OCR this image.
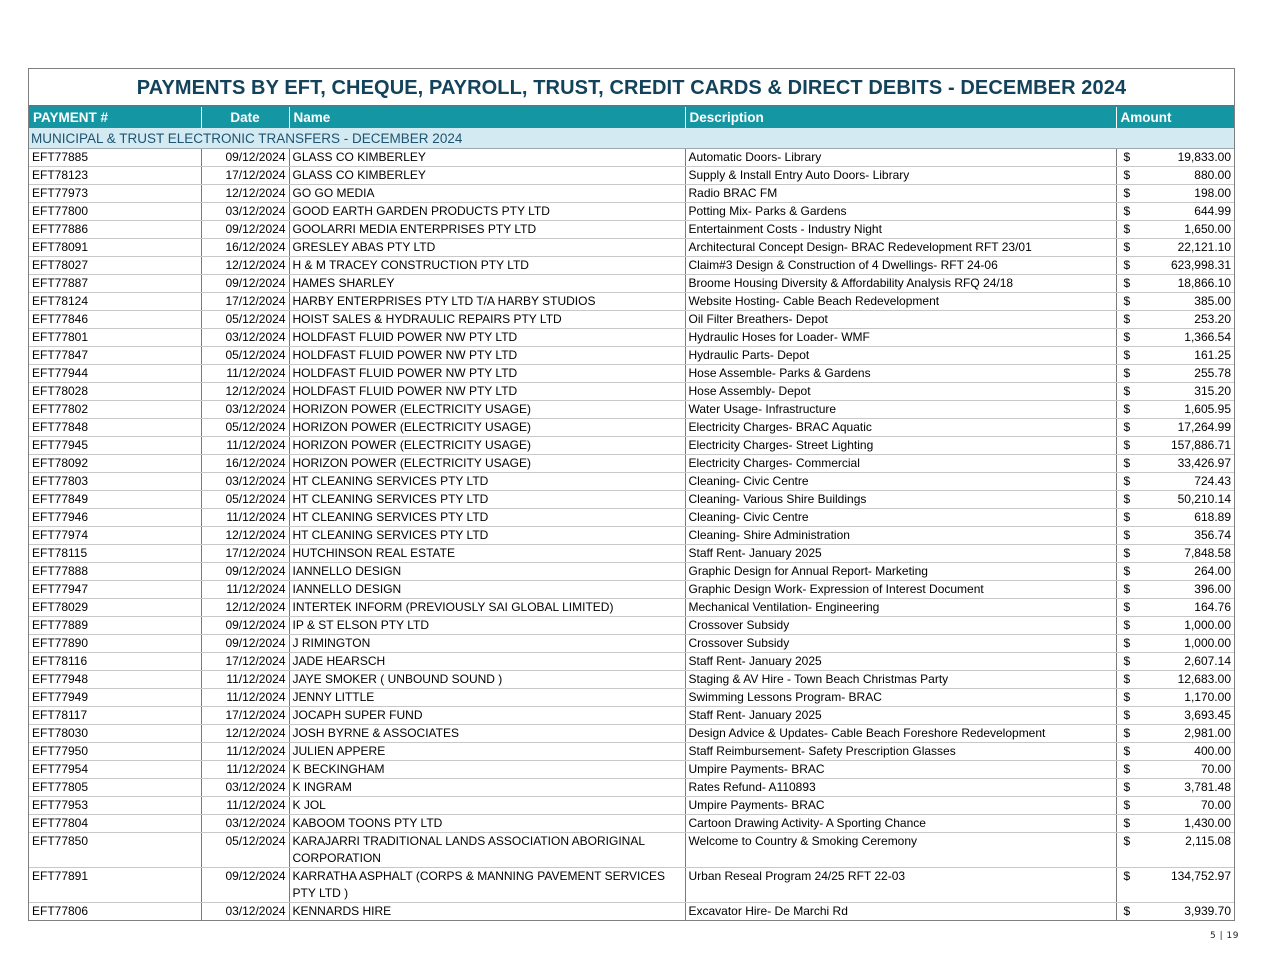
PAYMENTS BY EFT, CHEQUE, PAYROLL, TRUST, CREDIT CARDS & DIRECT DEBITS - DECEMBER 2024
PAYMENT #	Date	Name	Description	Amount
MUNICIPAL & TRUST ELECTRONIC TRANSFERS - DECEMBER 2024				
EFT77885	09/12/2024	GLASS CO KIMBERLEY	Automatic Doors- Library	$ 19,833.00

EFT78123	17/12/2024	GLASS CO KIMBERLEY	Supply & Install Entry Auto Doors- Library	$ 880.00

EFT77973	12/12/2024	GO GO MEDIA	Radio BRAC FM	$ 198.00

EFT77800	03/12/2024	GOOD EARTH GARDEN PRODUCTS PTY LTD	Potting Mix- Parks & Gardens	$ 644.99

EFT77886	09/12/2024	GOOLARRI MEDIA ENTERPRISES PTY LTD	Entertainment Costs - Industry Night	$ 1,650.00

EFT78091	16/12/2024	GRESLEY ABAS PTY LTD	Architectural Concept Design- BRAC Redevelopment RFT 23/01	$ 22,121.10

EFT78027	12/12/2024	H & M TRACEY CONSTRUCTION PTY LTD	Claim#3 Design & Construction of 4 Dwellings- RFT 24-06	$ 623,998.31

EFT77887	09/12/2024	HAMES SHARLEY	Broome Housing Diversity & Affordability Analysis RFQ 24/18	$ 18,866.10

EFT78124	17/12/2024	HARBY ENTERPRISES PTY LTD T/A HARBY STUDIOS	Website Hosting- Cable Beach Redevelopment	$ 385.00

EFT77846	05/12/2024	HOIST SALES & HYDRAULIC REPAIRS PTY LTD	Oil Filter Breathers- Depot	$ 253.20

EFT77801	03/12/2024	HOLDFAST FLUID POWER NW PTY LTD	Hydraulic Hoses for Loader- WMF	$ 1,366.54

EFT77847	05/12/2024	HOLDFAST FLUID POWER NW PTY LTD	Hydraulic Parts- Depot	$ 161.25

EFT77944	11/12/2024	HOLDFAST FLUID POWER NW PTY LTD	Hose Assemble- Parks & Gardens	$ 255.78

EFT78028	12/12/2024	HOLDFAST FLUID POWER NW PTY LTD	Hose Assembly- Depot	$ 315.20

EFT77802	03/12/2024	HORIZON POWER (ELECTRICITY USAGE)	Water Usage- Infrastructure	$ 1,605.95

EFT77848	05/12/2024	HORIZON POWER (ELECTRICITY USAGE)	Electricity Charges- BRAC Aquatic	$ 17,264.99

EFT77945	11/12/2024	HORIZON POWER (ELECTRICITY USAGE)	Electricity Charges- Street Lighting	$ 157,886.71

EFT78092	16/12/2024	HORIZON POWER (ELECTRICITY USAGE)	Electricity Charges- Commercial	$ 33,426.97

EFT77803	03/12/2024	HT CLEANING SERVICES PTY LTD	Cleaning- Civic Centre	$ 724.43

EFT77849	05/12/2024	HT CLEANING SERVICES PTY LTD	Cleaning- Various Shire Buildings	$ 50,210.14

EFT77946	11/12/2024	HT CLEANING SERVICES PTY LTD	Cleaning- Civic Centre	$ 618.89

EFT77974	12/12/2024	HT CLEANING SERVICES PTY LTD	Cleaning- Shire Administration	$ 356.74

EFT78115	17/12/2024	HUTCHINSON REAL ESTATE	Staff Rent- January 2025	$ 7,848.58

EFT77888	09/12/2024	IANNELLO DESIGN	Graphic Design for Annual Report- Marketing	$ 264.00

EFT77947	11/12/2024	IANNELLO DESIGN	Graphic Design Work- Expression of Interest Document	$ 396.00

EFT78029	12/12/2024	INTERTEK INFORM (PREVIOUSLY SAI GLOBAL LIMITED)	Mechanical Ventilation- Engineering	$ 164.76

EFT77889	09/12/2024	IP & ST ELSON PTY LTD	Crossover Subsidy	$ 1,000.00

EFT77890	09/12/2024	J RIMINGTON	Crossover Subsidy	$ 1,000.00

EFT78116	17/12/2024	JADE HEARSCH	Staff Rent- January 2025	$ 2,607.14

EFT77948	11/12/2024	JAYE SMOKER ( UNBOUND SOUND )	Staging & AV Hire - Town Beach Christmas Party	$ 12,683.00

EFT77949	11/12/2024	JENNY LITTLE	Swimming Lessons Program- BRAC	$ 1,170.00

EFT78117	17/12/2024	JOCAPH SUPER FUND	Staff Rent- January 2025	$ 3,693.45

EFT78030	12/12/2024	JOSH BYRNE & ASSOCIATES	Design Advice & Updates- Cable Beach Foreshore Redevelopment	$ 2,981.00

EFT77950	11/12/2024	JULIEN APPERE	Staff Reimbursement- Safety Prescription Glasses	$ 400.00

EFT77954	11/12/2024	K BECKINGHAM	Umpire Payments- BRAC	$ 70.00

EFT77805	03/12/2024	K INGRAM	Rates Refund- A110893	$ 3,781.48

EFT77953	11/12/2024	K JOL	Umpire Payments- BRAC	$ 70.00

EFT77804	03/12/2024	KABOOM TOONS PTY LTD	Cartoon Drawing Activity- A Sporting Chance	$ 1,430.00

EFT77850	05/12/2024	KARAJARRI TRADITIONAL LANDS ASSOCIATION ABORIGINAL CORPORATION	Welcome to Country & Smoking Ceremony	$ 2,115.08

EFT77891	09/12/2024	KARRATHA ASPHALT (CORPS & MANNING PAVEMENT SERVICES PTY LTD )	Urban Reseal Program 24/25 RFT 22-03	$ 134,752.97

EFT77806	03/12/2024	KENNARDS HIRE	Excavator Hire- De Marchi Rd	$ 3,939.70
5 | 19
